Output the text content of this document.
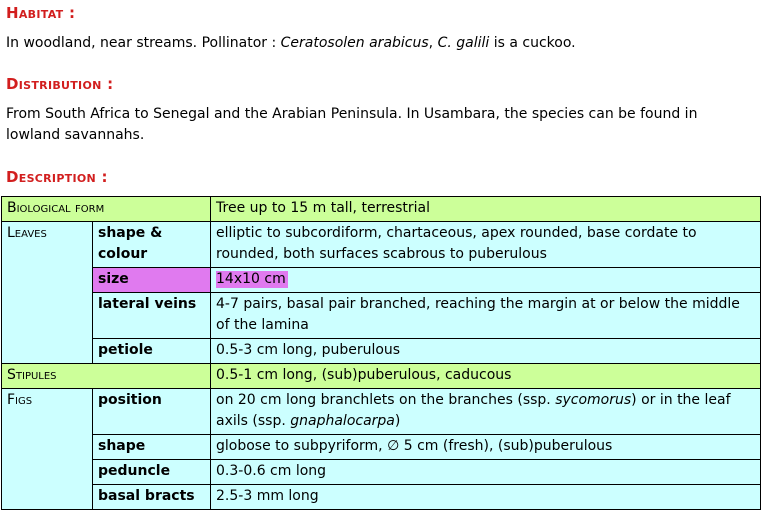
Habitat :

In woodland, near streams. Pollinator : Ceratosolen arabicus, C. galili is a cuckoo.

Distribution :

From South Africa to Senegal and the Arabian Peninsula. In Usambara, the species can be found in lowland savannahs.

Description :
Biological form		Tree up to 15 m tall, terrestrial
Leaves	shape & colour	elliptic to subcordiform, chartaceous, apex rounded, base cordate to rounded, both surfaces scabrous to puberulous
	size	14x10 cm
	lateral veins	4-7 pairs, basal pair branched, reaching the margin at or below the middle of the lamina
	petiole	0.5-3 cm long, puberulous
Stipules		0.5-1 cm long, (sub)puberulous, caducous
Figs	position	on 20 cm long branchlets on the branches (ssp. sycomorus) or in the leaf axils (ssp. gnaphalocarpa)
	shape	globose to subpyriform, ∅ 5 cm (fresh), (sub)puberulous
	peduncle	0.3-0.6 cm long
	basal bracts	2.5-3 mm long
